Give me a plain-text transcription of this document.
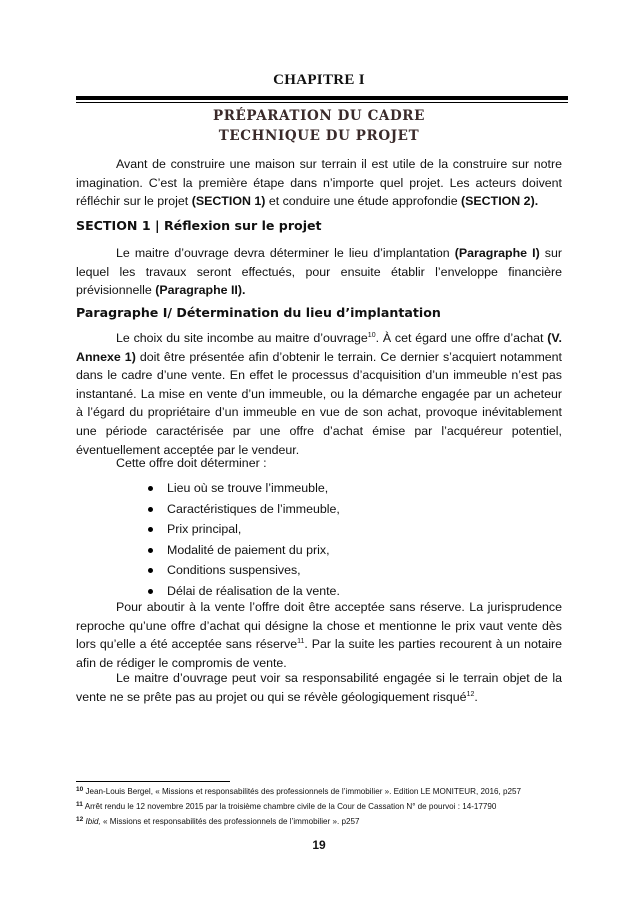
CHAPITRE I
PRÉPARATION DU CADRE
TECHNIQUE DU PROJET

Avant de construire une maison sur terrain il est utile de la construire sur notre imagination. C’est la première étape dans n’importe quel projet. Les acteurs doivent réfléchir sur le projet (SECTION 1) et conduire une étude approfondie (SECTION 2).

SECTION 1 | Réflexion sur le projet

Le maitre d’ouvrage devra déterminer le lieu d’implantation (Paragraphe I) sur lequel les travaux seront effectués, pour ensuite établir l’enveloppe financière prévisionnelle (Paragraphe II).

Paragraphe I/ Détermination du lieu d’implantation

Le choix du site incombe au maitre d’ouvrage$^{10}$. À cet égard une offre d’achat (V. Annexe 1) doit être présentée afin d’obtenir le terrain. Ce dernier s’acquiert notamment dans le cadre d’une vente. En effet le processus d’acquisition d’un immeuble n’est pas instantané. La mise en vente d’un immeuble, ou la démarche engagée par un acheteur à l’égard du propriétaire d’un immeuble en vue de son achat, provoque inévitablement une période caractérisée par une offre d’achat émise par l’acquéreur potentiel, éventuellement acceptée par le vendeur.

Cette offre doit déterminer :

Lieu où se trouve l’immeuble,
Caractéristiques de l’immeuble,
Prix principal,
Modalité de paiement du prix,
Conditions suspensives,
Délai de réalisation de la vente.

Pour aboutir à la vente l’offre doit être acceptée sans réserve. La jurisprudence reproche qu’une offre d’achat qui désigne la chose et mentionne le prix vaut vente dès lors qu’elle a été acceptée sans réserve$^{11}$. Par la suite les parties recourent à un notaire afin de rédiger le compromis de vente.

Le maitre d’ouvrage peut voir sa responsabilité engagée si le terrain objet de la vente ne se prête pas au projet ou qui se révèle géologiquement risqué$^{12}$.

$^{10}$ Jean-Louis Bergel, « Missions et responsabilités des professionnels de l’immobilier ». Edition LE MONITEUR, 2016, p257

$^{11}$ Arrêt rendu le 12 novembre 2015 par la troisième chambre civile de la Cour de Cassation N° de pourvoi : 14-17790

$^{12}$ Ibid, « Missions et responsabilités des professionnels de l’immobilier ». p257

19
